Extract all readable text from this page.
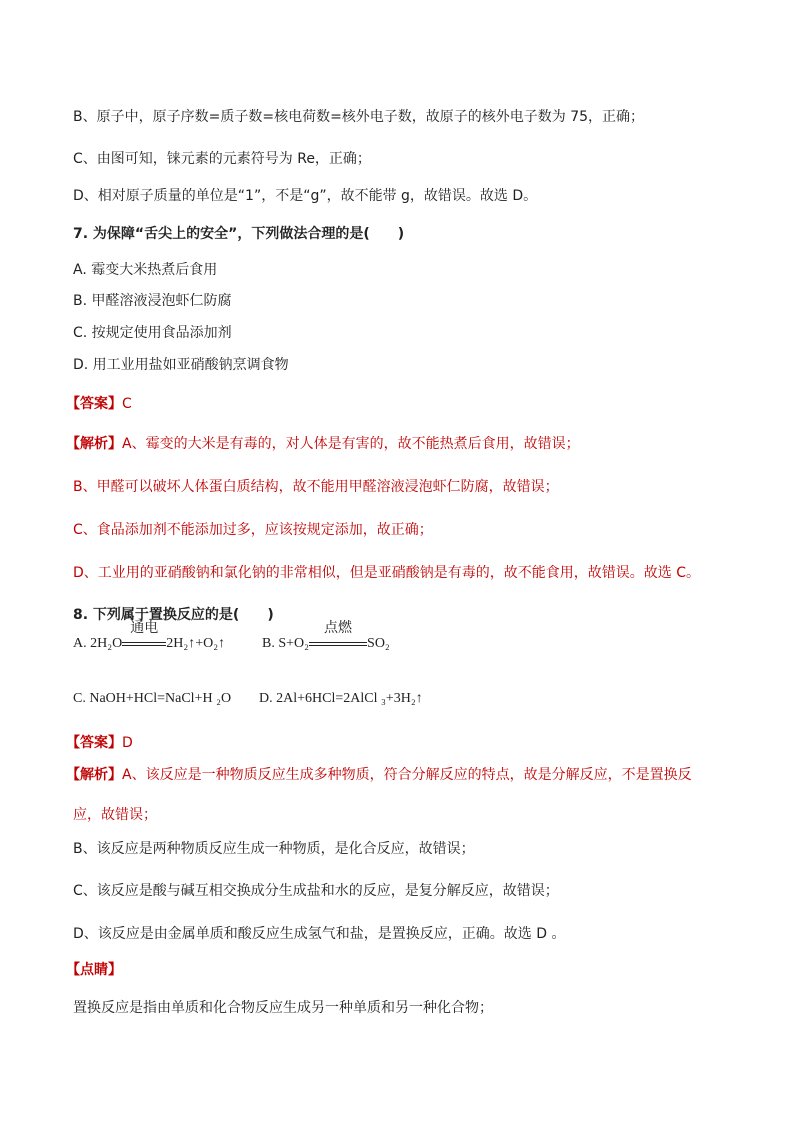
B、原子中，原子序数=质子数=核电荷数=核外电子数，故原子的核外电子数为 75，正确；
C、由图可知，铼元素的元素符号为 Re，正确；
D、相对原子质量的单位是“1”，不是“g”，故不能带 g，故错误。故选 D。
7. 为保障“舌尖上的安全”，下列做法合理的是(　　)
A. 霉变大米热煮后食用
B. 甲醛溶液浸泡虾仁防腐
C. 按规定使用食品添加剂
D. 用工业用盐如亚硝酸钠烹调食物
【答案】C
【解析】A、霉变的大米是有毒的，对人体是有害的，故不能热煮后食用，故错误；
B、甲醛可以破坏人体蛋白质结构，故不能用甲醛溶液浸泡虾仁防腐，故错误；
C、食品添加剂不能添加过多，应该按规定添加，故正确；
D、工业用的亚硝酸钠和氯化钠的非常相似，但是亚硝酸钠是有毒的，故不能食用，故错误。故选 C。
8. 下列属于置换反应的是(　　)
A. 2H₂O
通电
2H₂↑+O₂↑	B. S+O₂
点燃
SO₂
C. NaOH+HCl=NaCl+H ₂O D. 2Al+6HCl=2AlCl ₃+3H₂↑
【答案】D
【解析】A、该反应是一种物质反应生成多种物质，符合分解反应的特点，故是分解反应，不是置换反
应，故错误；
B、该反应是两种物质反应生成一种物质，是化合反应，故错误；
C、该反应是酸与碱互相交换成分生成盐和水的反应，是复分解反应，故错误；
D、该反应是由金属单质和酸反应生成氢气和盐，是置换反应，正确。故选 D 。
【点睛】
置换反应是指由单质和化合物反应生成另一种单质和另一种化合物；
